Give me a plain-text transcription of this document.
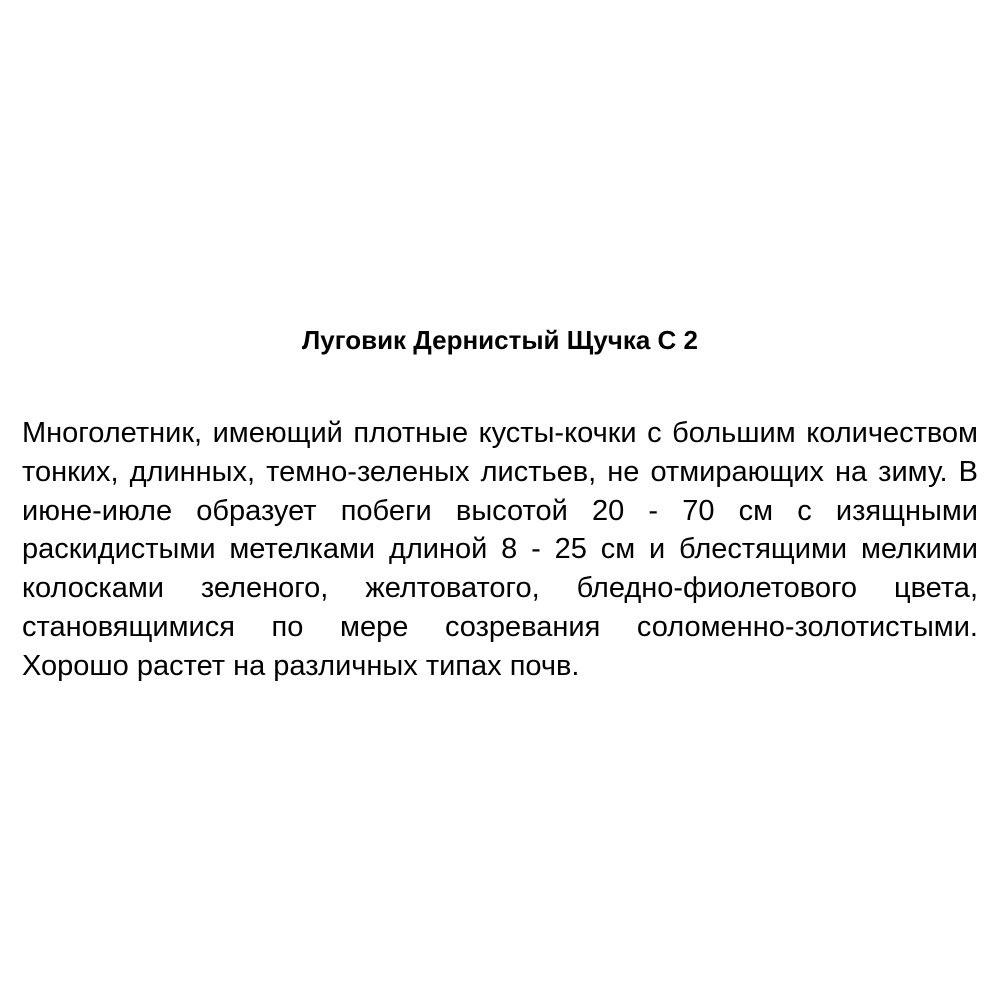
Луговик Дернистый Щучка С 2

Многолетник, имеющий плотные кусты-кочки с большим количеством тонких, длинных, темно-зеленых листьев, не отмирающих на зиму. В июне-июле образует побеги высотой 20 - 70 см с изящными раскидистыми метелками длиной 8 - 25 см и блестящими мелкими колосками зеленого, желтоватого, бледно-фиолетового цвета, становящимися по мере созревания соломенно-золотистыми. Хорошо растет на различных типах почв.
